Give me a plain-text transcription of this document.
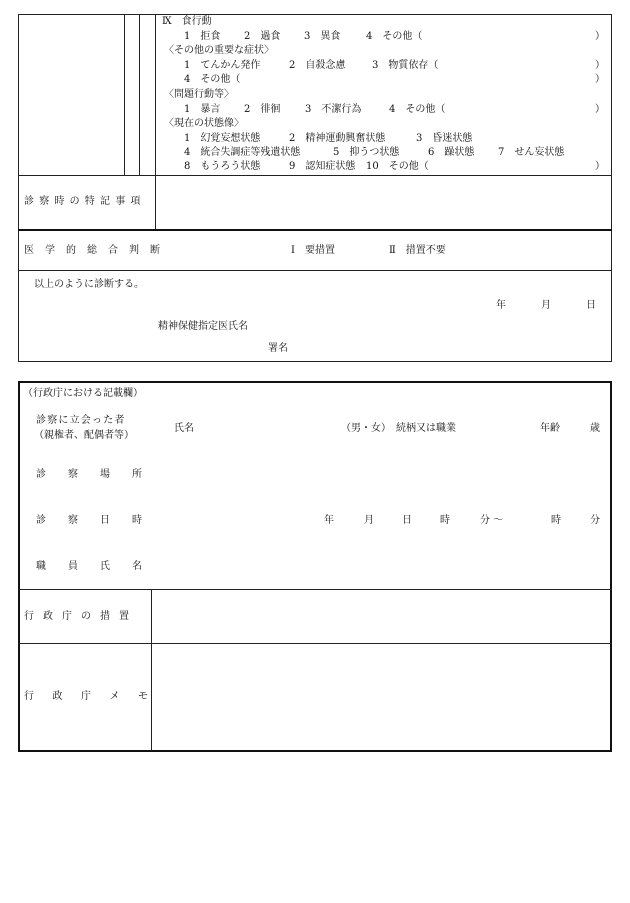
Ⅸ　食行動
1　拒食 2　過食 3　異食	4　その他（	）
〈その他の重要な症状〉
1　てんかん発作	2　自殺念慮	3　物質依存（	）
4　その他（	）
〈問題行動等〉
1　暴言 2　徘徊 3　不潔行為	4　その他（	）
〈現在の状態像〉
1　幻覚妄想状態	2　精神運動興奮状態	3　昏迷状態
4　統合失調症等残遺状態	5　抑うつ状態	6　躁状態 7　せん妄状態
8　もうろう状態	9　認知症状態 10　その他（	）
診察時の特記事項
医学的総合判断	Ⅰ　要措置	Ⅱ　措置不要
以上のように診断する。
年	月	日
精神保健指定医氏名
署名
（行政庁における記載欄）
診察に立会った者
（親権者、配偶者等）
氏名	（男・女） 続柄又は職業	年齢	歳
診察場所
診察日時	年	月	日	時	分 〜	時	分
職員氏名
行政庁の措置
行政庁メモ
